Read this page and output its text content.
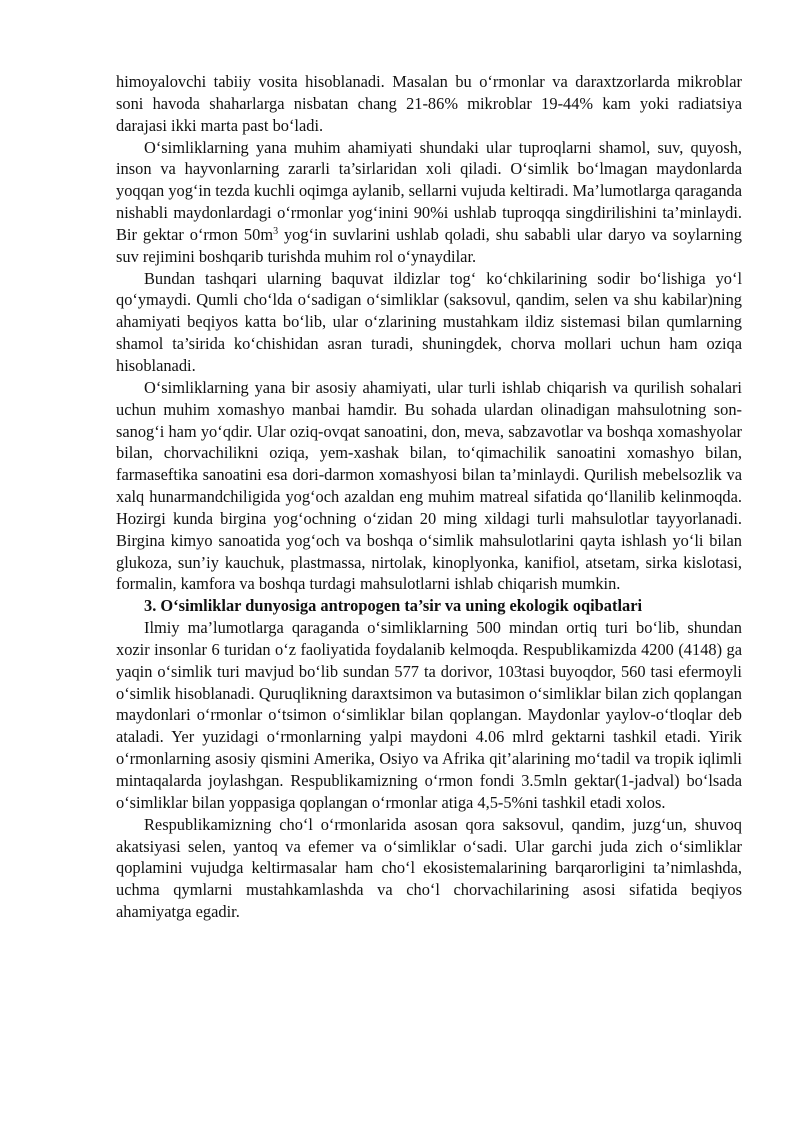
himoyalovchi tabiiy vosita hisoblanadi. Masalan bu o‘rmonlar va daraxtzorlarda mikroblar soni havoda shaharlarga nisbatan chang 21-86% mikroblar 19-44% kam yoki radiatsiya darajasi ikki marta past bo‘ladi.

O‘simliklarning yana muhim ahamiyati shundaki ular tuproqlarni shamol, suv, quyosh, inson va hayvonlarning zararli ta’sirlaridan xoli qiladi. O‘simlik bo‘lmagan maydonlarda yoqqan yog‘in tezda kuchli oqimga aylanib, sellarni vujuda keltiradi. Ma’lumotlarga qaraganda nishabli maydonlardagi o‘rmonlar yog‘inini 90%i ushlab tuproqqa singdirilishini ta’minlaydi. Bir gektar o‘rmon $50m^3$ yog‘in suvlarini ushlab qoladi, shu sababli ular daryo va soylarning suv rejimini boshqarib turishda muhim rol o‘ynaydilar.

Bundan tashqari ularning baquvat ildizlar tog‘ ko‘chkilarining sodir bo‘lishiga yo‘l qo‘ymaydi. Qumli cho‘lda o‘sadigan o‘simliklar (saksovul, qandim, selen va shu kabilar)ning ahamiyati beqiyos katta bo‘lib, ular o‘zlarining mustahkam ildiz sistemasi bilan qumlarning shamol ta’sirida ko‘chishidan asran turadi, shuningdek, chorva mollari uchun ham oziqa hisoblanadi.

O‘simliklarning yana bir asosiy ahamiyati, ular turli ishlab chiqarish va qurilish sohalari uchun muhim xomashyo manbai hamdir. Bu sohada ulardan olinadigan mahsulotning son-sanog‘i ham yo‘qdir. Ular oziq-ovqat sanoatini, don, meva, sabzavotlar va boshqa xomashyolar bilan, chorvachilikni oziqa, yem-xashak bilan, to‘qimachilik sanoatini xomashyo bilan, farmaseftika sanoatini esa dori-darmon xomashyosi bilan ta’minlaydi. Qurilish mebelsozlik va xalq hunarmandchiligida yog‘och azaldan eng muhim matreal sifatida qo‘llanilib kelinmoqda. Hozirgi kunda birgina yog‘ochning o‘zidan 20 ming xildagi turli mahsulotlar tayyorlanadi. Birgina kimyo sanoatida yog‘och va boshqa o‘simlik mahsulotlarini qayta ishlash yo‘li bilan glukoza, sun’iy kauchuk, plastmassa, nirtolak, kinoplyonka, kanifiol, atsetam, sirka kislotasi, formalin, kamfora va boshqa turdagi mahsulotlarni ishlab chiqarish mumkin.

3. O‘simliklar dunyosiga antropogen ta’sir va uning ekologik oqibatlari

Ilmiy ma’lumotlarga qaraganda o‘simliklarning 500 mindan ortiq turi bo‘lib, shundan xozir insonlar 6 turidan o‘z faoliyatida foydalanib kelmoqda. Respublikamizda 4200 (4148) ga yaqin o‘simlik turi mavjud bo‘lib sundan 577 ta dorivor, 103tasi buyoqdor, 560 tasi efermoyli o‘simlik hisoblanadi. Quruqlikning daraxtsimon va butasimon o‘simliklar bilan zich qoplangan maydonlari o‘rmonlar o‘tsimon o‘simliklar bilan qoplangan. Maydonlar yaylov-o‘tloqlar deb ataladi. Yer yuzidagi o‘rmonlarning yalpi maydoni 4.06 mlrd gektarni tashkil etadi. Yirik o‘rmonlarning asosiy qismini Amerika, Osiyo va Afrika qit’alarining mo‘tadil va tropik iqlimli mintaqalarda joylashgan. Respublikamizning o‘rmon fondi 3.5mln gektar(1-jadval) bo‘lsada o‘simliklar bilan yoppasiga qoplangan o‘rmonlar atiga 4,5-5%ni tashkil etadi xolos.

Respublikamizning cho‘l o‘rmonlarida asosan qora saksovul, qandim, juzg‘un, shuvoq akatsiyasi selen, yantoq va efemer va o‘simliklar o‘sadi. Ular garchi juda zich o‘simliklar qoplamini vujudga keltirmasalar ham cho‘l ekosistemalarining barqarorligini ta’nimlashda, uchma qymlarni mustahkamlashda va cho‘l chorvachilarining asosi sifatida beqiyos ahamiyatga egadir.
